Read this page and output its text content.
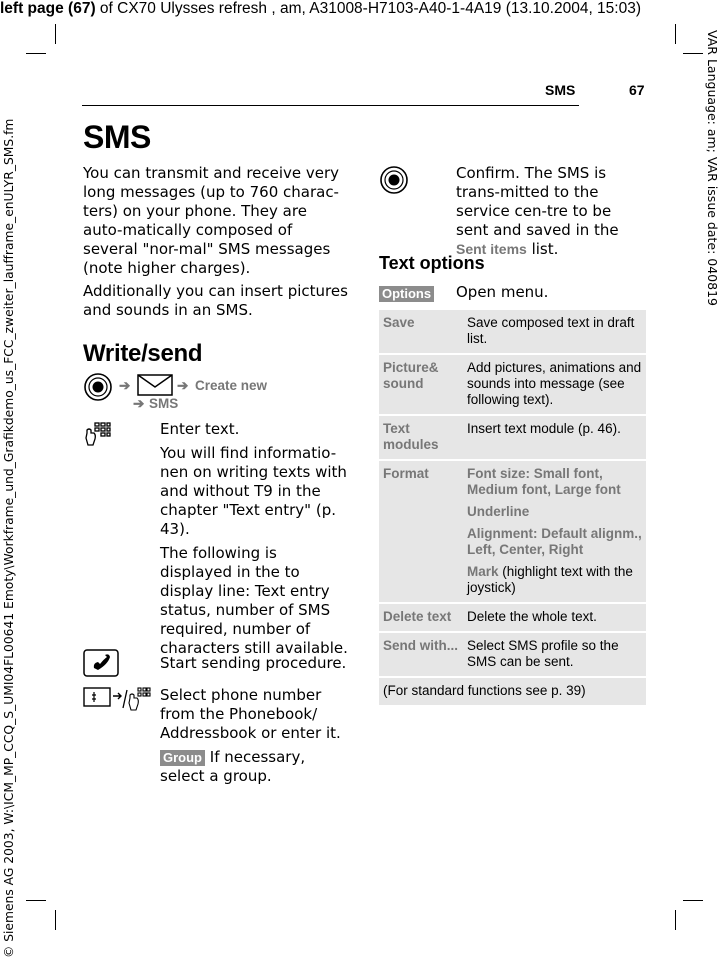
left page (67) of CX70 Ulysses refresh , am, A31008-H7103-A40-1-4A19 (13.10.2004, 15:03)
VAR Language: am; VAR issue date: 040819
© Siemens AG 2003, W:\ICM_MP_CCQ_S_UMI04FL00641 Emoty\Workframe_und_Grafikdemo_us_FCC_zweiter_laufframe_enULYR_SMS.fm
SMS	67
SMS

You can transmit and receive very long messages (up to 760 charac-ters) on your phone. They are auto-matically composed of several "nor-mal" SMS messages (note higher charges).

Additionally you can insert pictures and sounds in an SMS.

Write/send
➔	➔ Create new
➔ SMS

Enter text.

You will find informatio-nen on writing texts with and without T9 in the chapter "Text entry" (p. 43).

The following is displayed in the to display line: Text entry status, number of SMS required, number of characters still available.

Start sending procedure.

Select phone number from the Phonebook/ Addressbook or enter it.

Group If necessary, select a group.

Confirm. The SMS is trans-mitted to the service cen-tre to be sent and saved in the Sent items list.

Text options
Options Open menu.

Save	Save composed text in draft list.
Picture& sound	Add pictures, animations and sounds into message (see following text).
Text modules	Insert text module (p. 46).
Format	Font size: Small font, Medium font, Large font
Underline
Alignment: Default alignm., Left, Center, Right
Mark (highlight text with the joystick)

Delete text	Delete the whole text.
Send with...	Select SMS profile so the SMS can be sent.
(For standard functions see p. 39)	
